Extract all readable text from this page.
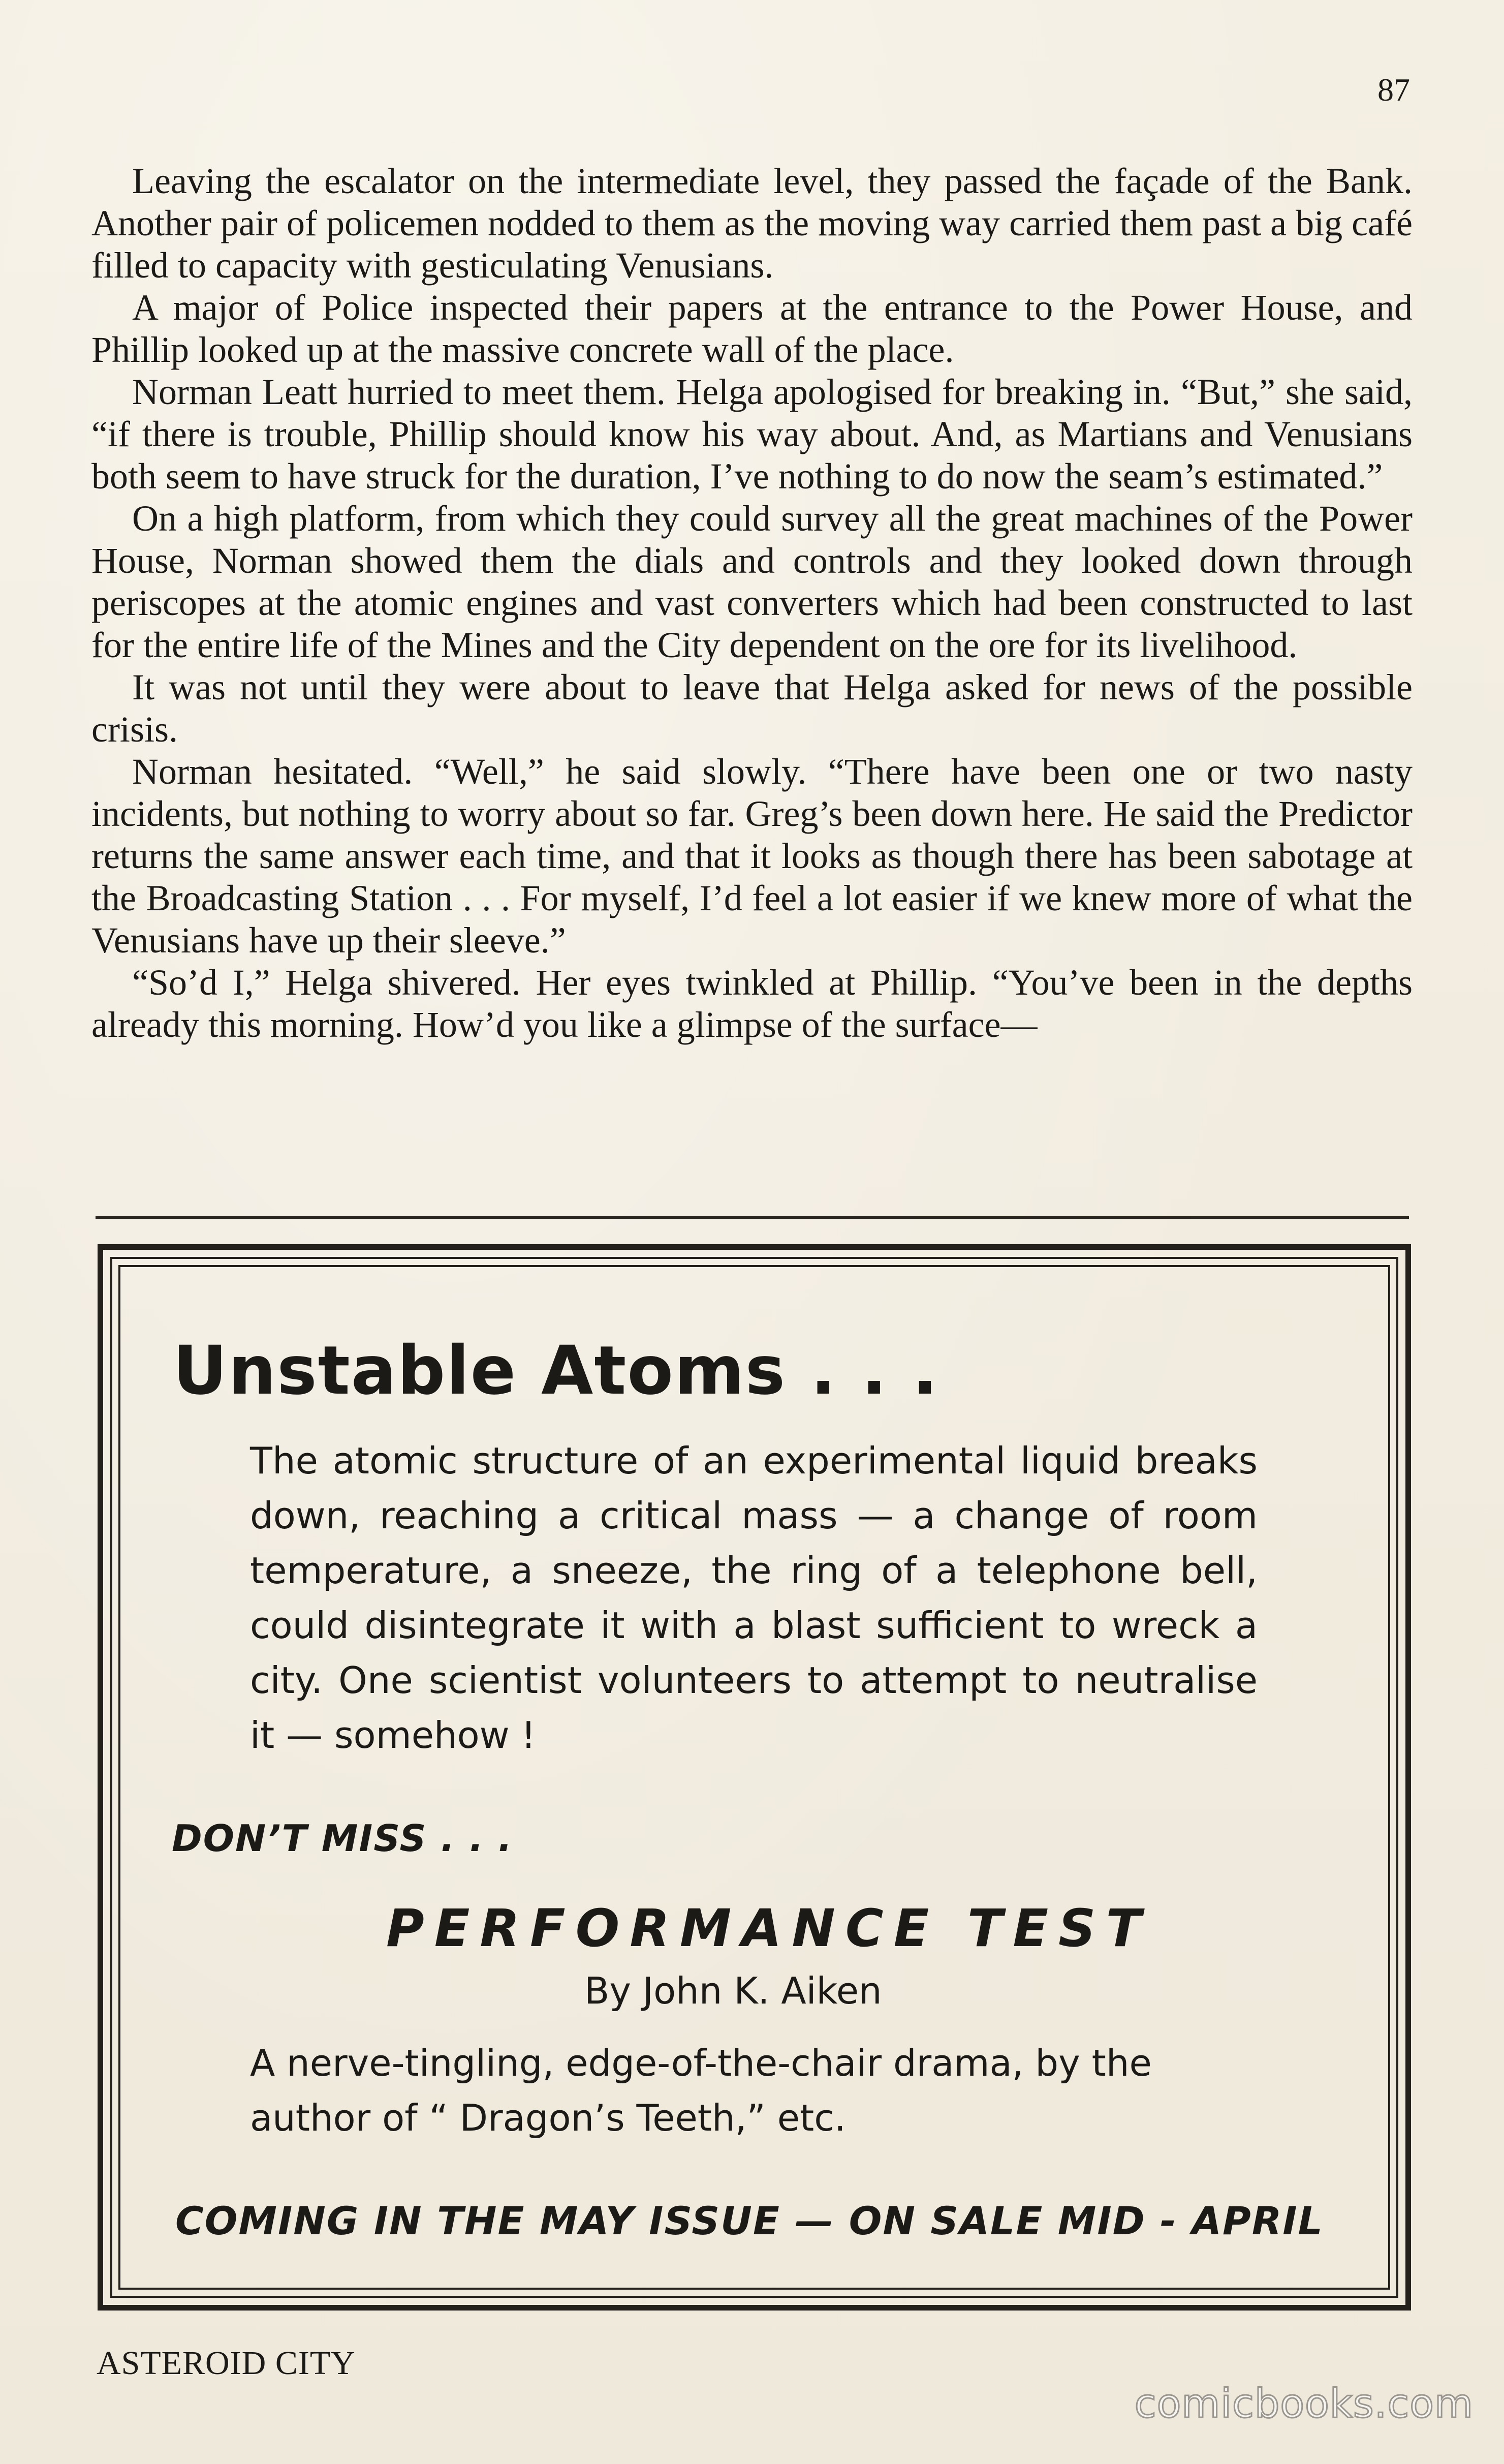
87

Leaving the escalator on the intermediate level, they passed the façade of the Bank. Another pair of policemen nodded to them as the moving way carried them past a big café filled to capacity with gesticulating Venusians.

A major of Police inspected their papers at the entrance to the Power House, and Phillip looked up at the massive concrete wall of the place.

Norman Leatt hurried to meet them. Helga apologised for breaking in. “But,” she said, “if there is trouble, Phillip should know his way about. And, as Martians and Venusians both seem to have struck for the duration, I’ve nothing to do now the seam’s estimated.”

On a high platform, from which they could survey all the great machines of the Power House, Norman showed them the dials and controls and they looked down through periscopes at the atomic engines and vast converters which had been constructed to last for the entire life of the Mines and the City dependent on the ore for its livelihood.

It was not until they were about to leave that Helga asked for news of the possible crisis.

Norman hesitated. “Well,” he said slowly. “There have been one or two nasty incidents, but nothing to worry about so far. Greg’s been down here. He said the Predictor returns the same answer each time, and that it looks as though there has been sabotage at the Broadcasting Station . . . For myself, I’d feel a lot easier if we knew more of what the Venusians have up their sleeve.”

“So’d I,” Helga shivered. Her eyes twinkled at Phillip. “You’ve been in the depths already this morning. How’d you like a glimpse of the surface—

Unstable Atoms . . .

The atomic structure of an experimental liquid breaks down, reaching a critical mass — a change of room temperature, a sneeze, the ring of a telephone bell, could disintegrate it with a blast sufficient to wreck a city. One scientist volunteers to attempt to neutralise it — somehow !

DON’T MISS . . .

PERFORMANCE TEST

By John K. Aiken

A nerve-tingling, edge-of-the-chair drama, by the author of “ Dragon’s Teeth,” etc.

COMING IN THE MAY ISSUE — ON SALE MID - APRIL

ASTEROID CITY

comicbooks.com
